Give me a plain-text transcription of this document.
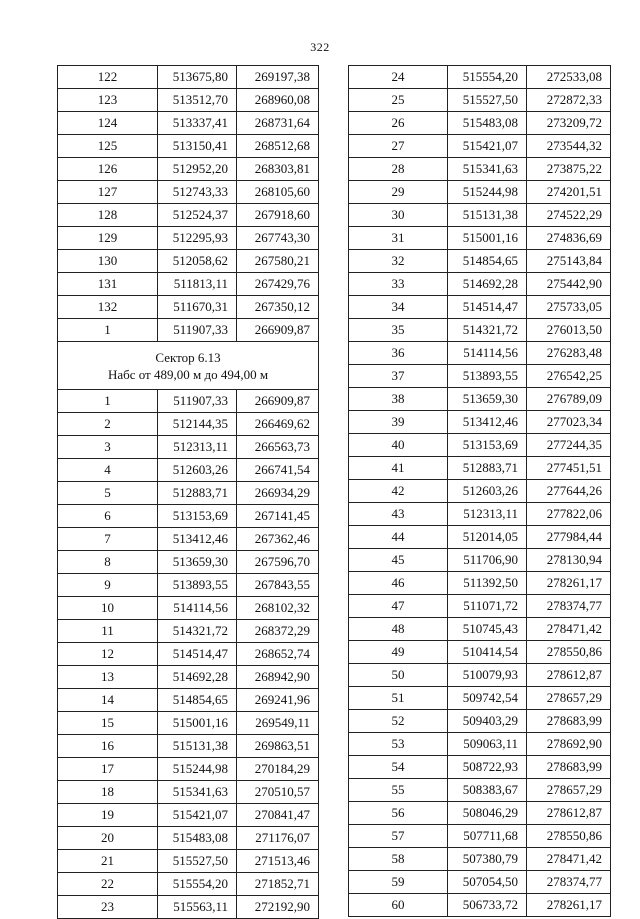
322
122	513675,80	269197,38
123	513512,70	268960,08
124	513337,41	268731,64
125	513150,41	268512,68
126	512952,20	268303,81
127	512743,33	268105,60
128	512524,37	267918,60
129	512295,93	267743,30
130	512058,62	267580,21
131	511813,11	267429,76
132	511670,31	267350,12
1	511907,33	266909,87

Сектор 6.13
Набс от 489,00 м до 494,00 м		

1	511907,33	266909,87
2	512144,35	266469,62
3	512313,11	266563,73
4	512603,26	266741,54
5	512883,71	266934,29
6	513153,69	267141,45
7	513412,46	267362,46
8	513659,30	267596,70
9	513893,55	267843,55
10	514114,56	268102,32
11	514321,72	268372,29
12	514514,47	268652,74
13	514692,28	268942,90
14	514854,65	269241,96
15	515001,16	269549,11
16	515131,38	269863,51
17	515244,98	270184,29
18	515341,63	270510,57
19	515421,07	270841,47
20	515483,08	271176,07
21	515527,50	271513,46
22	515554,20	271852,71
23	515563,11	272192,90
24	515554,20	272533,08
25	515527,50	272872,33
26	515483,08	273209,72
27	515421,07	273544,32
28	515341,63	273875,22
29	515244,98	274201,51
30	515131,38	274522,29
31	515001,16	274836,69
32	514854,65	275143,84
33	514692,28	275442,90
34	514514,47	275733,05
35	514321,72	276013,50
36	514114,56	276283,48
37	513893,55	276542,25
38	513659,30	276789,09
39	513412,46	277023,34
40	513153,69	277244,35
41	512883,71	277451,51
42	512603,26	277644,26
43	512313,11	277822,06
44	512014,05	277984,44
45	511706,90	278130,94
46	511392,50	278261,17
47	511071,72	278374,77
48	510745,43	278471,42
49	510414,54	278550,86
50	510079,93	278612,87
51	509742,54	278657,29
52	509403,29	278683,99
53	509063,11	278692,90
54	508722,93	278683,99
55	508383,67	278657,29
56	508046,29	278612,87
57	507711,68	278550,86
58	507380,79	278471,42
59	507054,50	278374,77
60	506733,72	278261,17
